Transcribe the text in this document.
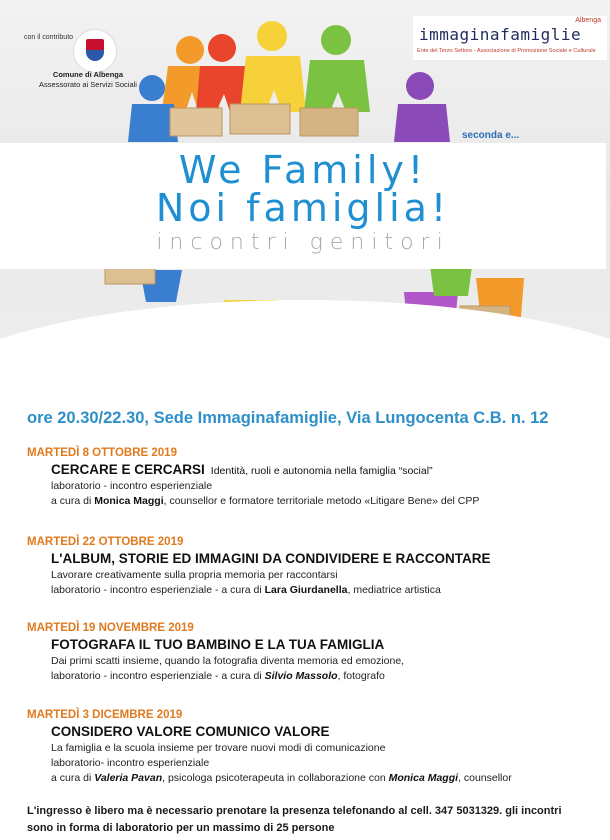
con il contributo
Comune di Albenga
Assessorato ai Servizi Sociali
Albenga
immaginafamiglie
Ente del Terzo Settore - Associazione di Promozione Sociale e Culturale
seconda e...
We Family!
Noi famiglia!
incontri genitori
ore 20.30/22.30, Sede Immaginafamiglie, Via Lungocenta C.B. n. 12
MARTEDÌ 8 OTTOBRE 2019
CERCARE E CERCARSI Identità, ruoli e autonomia nella famiglia “social”
laboratorio - incontro esperienziale
a cura di Monica Maggi, counsellor e formatore territoriale metodo «Litigare Bene» del CPP
MARTEDÌ 22 OTTOBRE 2019
L'ALBUM, STORIE ED IMMAGINI DA CONDIVIDERE E RACCONTARE
Lavorare creativamente sulla propria memoria per raccontarsi
laboratorio - incontro esperienziale - a cura di Lara Giurdanella, mediatrice artistica
MARTEDÌ 19 NOVEMBRE 2019
FOTOGRAFA IL TUO BAMBINO E LA TUA FAMIGLIA
Dai primi scatti insieme, quando la fotografia diventa memoria ed emozione,
laboratorio - incontro esperienziale - a cura di Silvio Massolo, fotografo
MARTEDÌ 3 DICEMBRE 2019
CONSIDERO VALORE COMUNICO VALORE
La famiglia e la scuola insieme per trovare nuovi modi di comunicazione
laboratorio- incontro esperienziale
a cura di Valeria Pavan, psicologa psicoterapeuta in collaborazione con Monica Maggi, counsellor
L'ingresso è libero ma è necessario prenotare la presenza telefonando al cell. 347 5031329. gli incontri
sono in forma di laboratorio per un massimo di 25 persone
